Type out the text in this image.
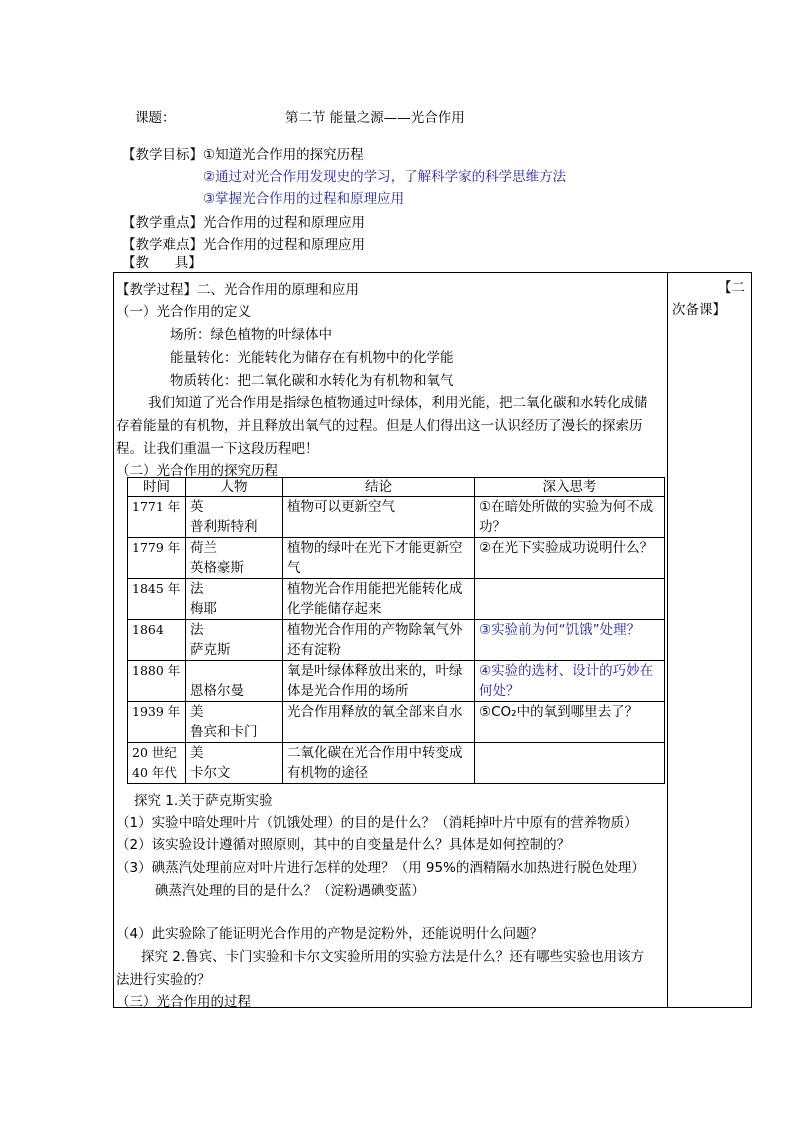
课题：	第二节 能量之源——光合作用
【教学目标】 ①知道光合作用的探究历程
②通过对光合作用发现史的学习，了解科学家的科学思维方法
③掌握光合作用的过程和原理应用
【教学重点】 光合作用的过程和原理应用
【教学难点】 光合作用的过程和原理应用
【教      具】
【二
次备课】
【教学过程】二、光合作用的原理和应用
（一）光合作用的定义
场所：绿色植物的叶绿体中
能量转化：光能转化为储存在有机物中的化学能
物质转化：把二氧化碳和水转化为有机物和氧气
我们知道了光合作用是指绿色植物通过叶绿体，利用光能，把二氧化碳和水转化成储
存着能量的有机物，并且释放出氧气的过程。但是人们得出这一认识经历了漫长的探索历
程。让我们重温一下这段历程吧！
（二）光合作用的探究历程
时间	人物	结论	深入思考
1771 年	英
普利斯特利	植物可以更新空气	①在暗处所做的实验为何不成功？
1779 年	荷兰
英格豪斯	植物的绿叶在光下才能更新空气	②在光下实验成功说明什么？
1845 年	法
梅耶	植物光合作用能把光能转化成化学能储存起来	
1864	法
萨克斯	植物光合作用的产物除氧气外还有淀粉	③实验前为何“饥饿”处理？
1880 年	
恩格尔曼	氧是叶绿体释放出来的，叶绿体是光合作用的场所	④实验的选材、设计的巧妙在何处？
1939 年	美
鲁宾和卡门	光合作用释放的氧全部来自水	⑤CO₂中的氧到哪里去了？
20 世纪
40 年代	美
卡尔文	二氧化碳在光合作用中转变成有机物的途径	
探究 1.关于萨克斯实验
（1）实验中暗处理叶片（饥饿处理）的目的是什么？（消耗掉叶片中原有的营养物质）
（2）该实验设计遵循对照原则，其中的自变量是什么？具体是如何控制的？
（3）碘蒸汽处理前应对叶片进行怎样的处理？（用 95%的酒精隔水加热进行脱色处理）
碘蒸汽处理的目的是什么？（淀粉遇碘变蓝）
（4）此实验除了能证明光合作用的产物是淀粉外，还能说明什么问题？
探究 2.鲁宾、卡门实验和卡尔文实验所用的实验方法是什么？还有哪些实验也用该方
法进行实验的？
（三）光合作用的过程
